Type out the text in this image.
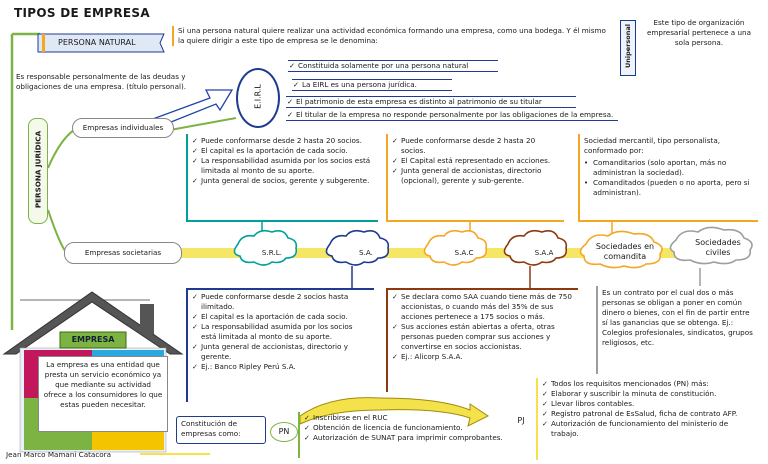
TIPOS DE EMPRESA
PERSONA NATURAL
Si una persona natural quiere realizar una actividad económica formando una empresa, como una bodega. Y él mismo la quiere dirigir a este tipo de empresa se le denomina:	Unipersonal
Este tipo de organización empresarial pertenece a una sola persona.
Es responsable personalmente de las deudas y obligaciones de una empresa. (título personal).	E.I.R.L
✓ Constituida solamente por una persona natural
✓ La EIRL es una persona jurídica.
✓ El patrimonio de esta empresa es distinto al patrimonio de su titular
✓ El titular de la empresa no responde personalmente por las obligaciones de la empresa.
PERSONA JURÍDICA
Empresas individuales
Empresas societarias
✓ Puede conformarse desde 2 hasta 20 socios.
✓ El capital es la aportación de cada socio.
✓ La responsabilidad asumida por los socios está limitada al monto de su aporte.
✓ Junta general de socios, gerente y subgerente.
✓ Puede conformarse desde 2 hasta 20 socios.
✓ El Capital está representado en acciones.
✓ Junta general de accionistas, directorio (opcional), gerente y sub-gerente.
Sociedad mercantil, tipo personalista, conformado por:
• Comanditarios (solo aportan, más no administran la sociedad).
• Comanditados (pueden o no aporta, pero si administran).
S.R.L.	S.A.	S.A.C	S.A.A
Sociedades en comandita
Sociedades civiles
✓ Puede conformarse desde 2 socios hasta ilimitado.
✓ El capital es la aportación de cada socio.
✓ La responsabilidad asumida por los socios está limitada al monto de su aporte.
✓ Junta general de accionistas, directorio y gerente.
✓ Ej.: Banco Ripley Perú S.A.
✓ Se declara como SAA cuando tiene más de 750 accionistas, o cuando más del 35% de sus acciones pertenece a 175 socios o más.
✓ Sus acciones están abiertas a oferta, otras personas pueden comprar sus acciones y convertirse en socios accionistas.
✓ Ej.: Alicorp S.A.A.
Es un contrato por el cual dos o más personas se obligan a poner en común dinero o bienes, con el fin de partir entre sí las ganancias que se obtenga. Ej.: Colegios profesionales, sindicatos, grupos religiosos, etc.
EMPRESA
La empresa es una entidad que presta un servicio económico ya que mediante su actividad ofrece a los consumidores lo que estas pueden necesitar.
Constitución de empresas como:	PN
PJ
✓ Inscribirse en el RUC
✓ Obtención de licencia de funcionamiento.
✓ Autorización de SUNAT para imprimir comprobantes.
✓ Todos los requisitos mencionados (PN) más:
✓ Elaborar y suscribir la minuta de constitución.
✓ Llevar libros contables.
✓ Registro patronal de EsSalud, ficha de contrato AFP.
✓ Autorización de funcionamiento del ministerio de trabajo.
Jean Marco Mamani Catacora
